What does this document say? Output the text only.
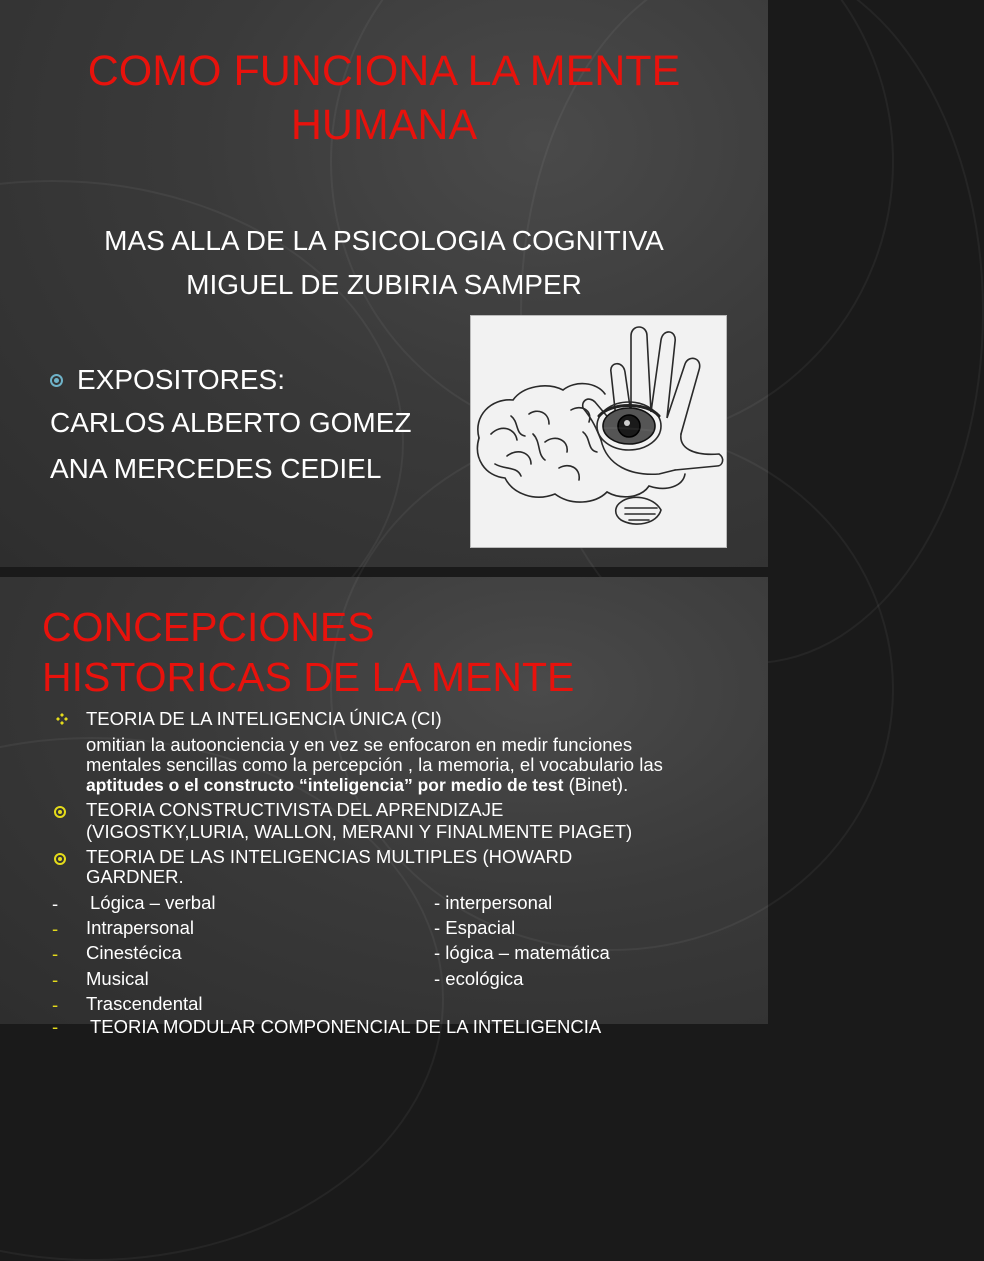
COMO FUNCIONA LA MENTE
HUMANA
MAS ALLA DE LA PSICOLOGIA COGNITIVA
MIGUEL DE ZUBIRIA SAMPER
EXPOSITORES:
CARLOS ALBERTO GOMEZ
ANA MERCEDES CEDIEL
CONCEPCIONES
HISTORICAS DE LA MENTE
TEORIA DE LA INTELIGENCIA ÚNICA (CI)
omitian la autoonciencia y en vez se enfocaron en medir funciones
mentales sencillas como la percepción , la memoria, el vocabulario las
aptitudes o el constructo “inteligencia” por medio de test (Binet).
TEORIA CONSTRUCTIVISTA DEL APRENDIZAJE
(VIGOSTKY,LURIA, WALLON, MERANI Y FINALMENTE PIAGET)
TEORIA DE LAS INTELIGENCIAS MULTIPLES (HOWARD
GARDNER.
- Lógica – verbal	- interpersonal
- Intrapersonal	- Espacial
- Cinestécica	- lógica – matemática
- Musical	- ecológica
- Trascendental
- TEORIA MODULAR COMPONENCIAL DE LA INTELIGENCIA
